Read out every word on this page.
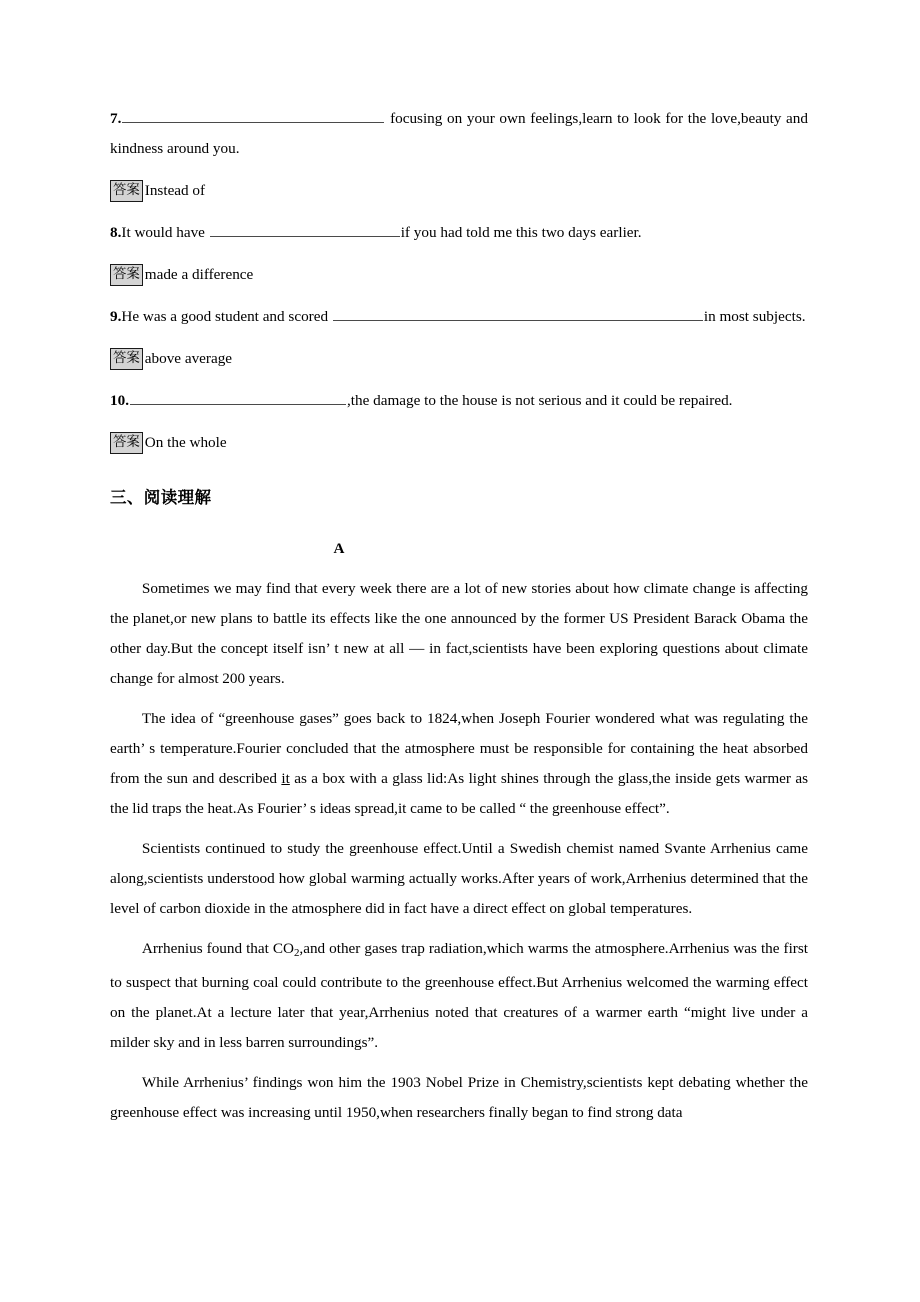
7.	focusing on your own feelings,learn to look for the love,beauty and kindness around you.

答案 Instead of

8.It would have	if you had told me this two days earlier.

答案 made a difference

9.He was a good student and scored	in most subjects.

答案 above average

10.	,the damage to the house is not serious and it could be repaired.

答案 On the whole

三、阅读理解

A

Sometimes we may find that every week there are a lot of new stories about how climate change is affecting the planet,or new plans to battle its effects like the one announced by the former US President Barack Obama the other day.But the concept itself isn’ t new at all — in fact,scientists have been exploring questions about climate change for almost 200 years.

The idea of “greenhouse gases” goes back to 1824,when Joseph Fourier wondered what was regulating the earth’ s temperature.Fourier concluded that the atmosphere must be responsible for containing the heat absorbed from the sun and described it as a box with a glass lid:As light shines through the glass,the inside gets warmer as the lid traps the heat.As Fourier’ s ideas spread,it came to be called “ the greenhouse effect”.

Scientists continued to study the greenhouse effect.Until a Swedish chemist named Svante Arrhenius came along,scientists understood how global warming actually works.After years of work,Arrhenius determined that the level of carbon dioxide in the atmosphere did in fact have a direct effect on global temperatures.

Arrhenius found that $CO_2,and$ other gases trap radiation,which warms the atmosphere.Arrhenius was the first to suspect that burning coal could contribute to the greenhouse effect.But Arrhenius welcomed the warming effect on the planet.At a lecture later that year,Arrhenius noted that creatures of a warmer earth “might live under a milder sky and in less barren surroundings”.

While Arrhenius’ findings won him the 1903 Nobel Prize in Chemistry,scientists kept debating whether the greenhouse effect was increasing until 1950,when researchers finally began to find strong data
